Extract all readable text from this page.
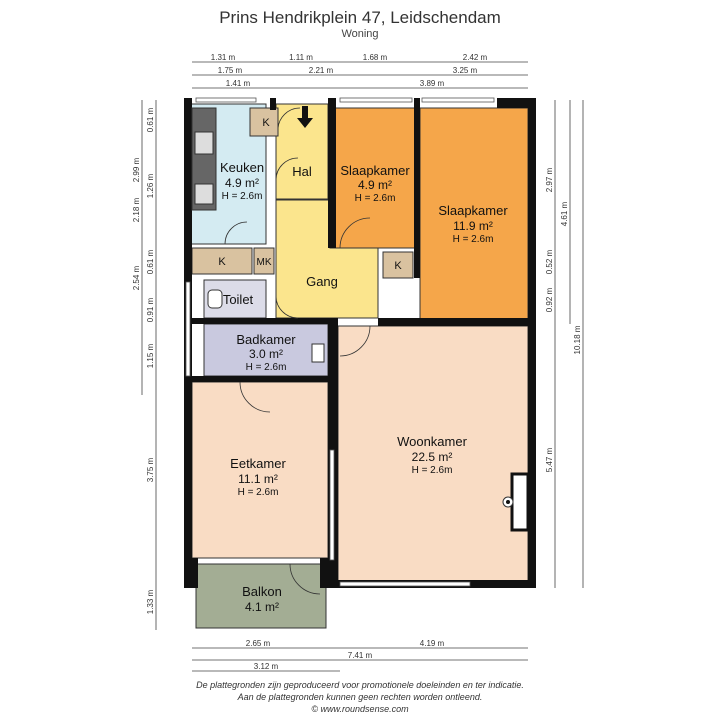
Prins Hendrikplein 47, Leidschendam
Woning
Keuken
4.9 m²
H = 2.6m
Hal Slaapkamer
4.9 m²
H = 2.6m
Slaapkamer
11.9 m²
H = 2.6m
Gang
Toilet
Badkamer
3.0 m²
H = 2.6m
Woonkamer
22.5 m²
H = 2.6m
Eetkamer
11.1 m²
H = 2.6m
Balkon
4.1 m²
K
K	MK	K
1.31 m	1.11 m	1.68 m	2.42 m
1.75 m	2.21 m	3.25 m
1.41 m	3.89 m
2.65 m	4.19 m
7.41 m
3.12 m
0.61 m
1.26 m
0.61 m
0.91 m
1.15 m
3.75 m
1.33 m
2.99 m
2.18 m
2.54 m
2.97 m
0.52 m
0.92 m
5.47 m
4.61 m
10.18 m
De plattegronden zijn geproduceerd voor promotionele doeleinden en ter indicatie.
Aan de plattegronden kunnen geen rechten worden ontleend.
© www.roundsense.com
